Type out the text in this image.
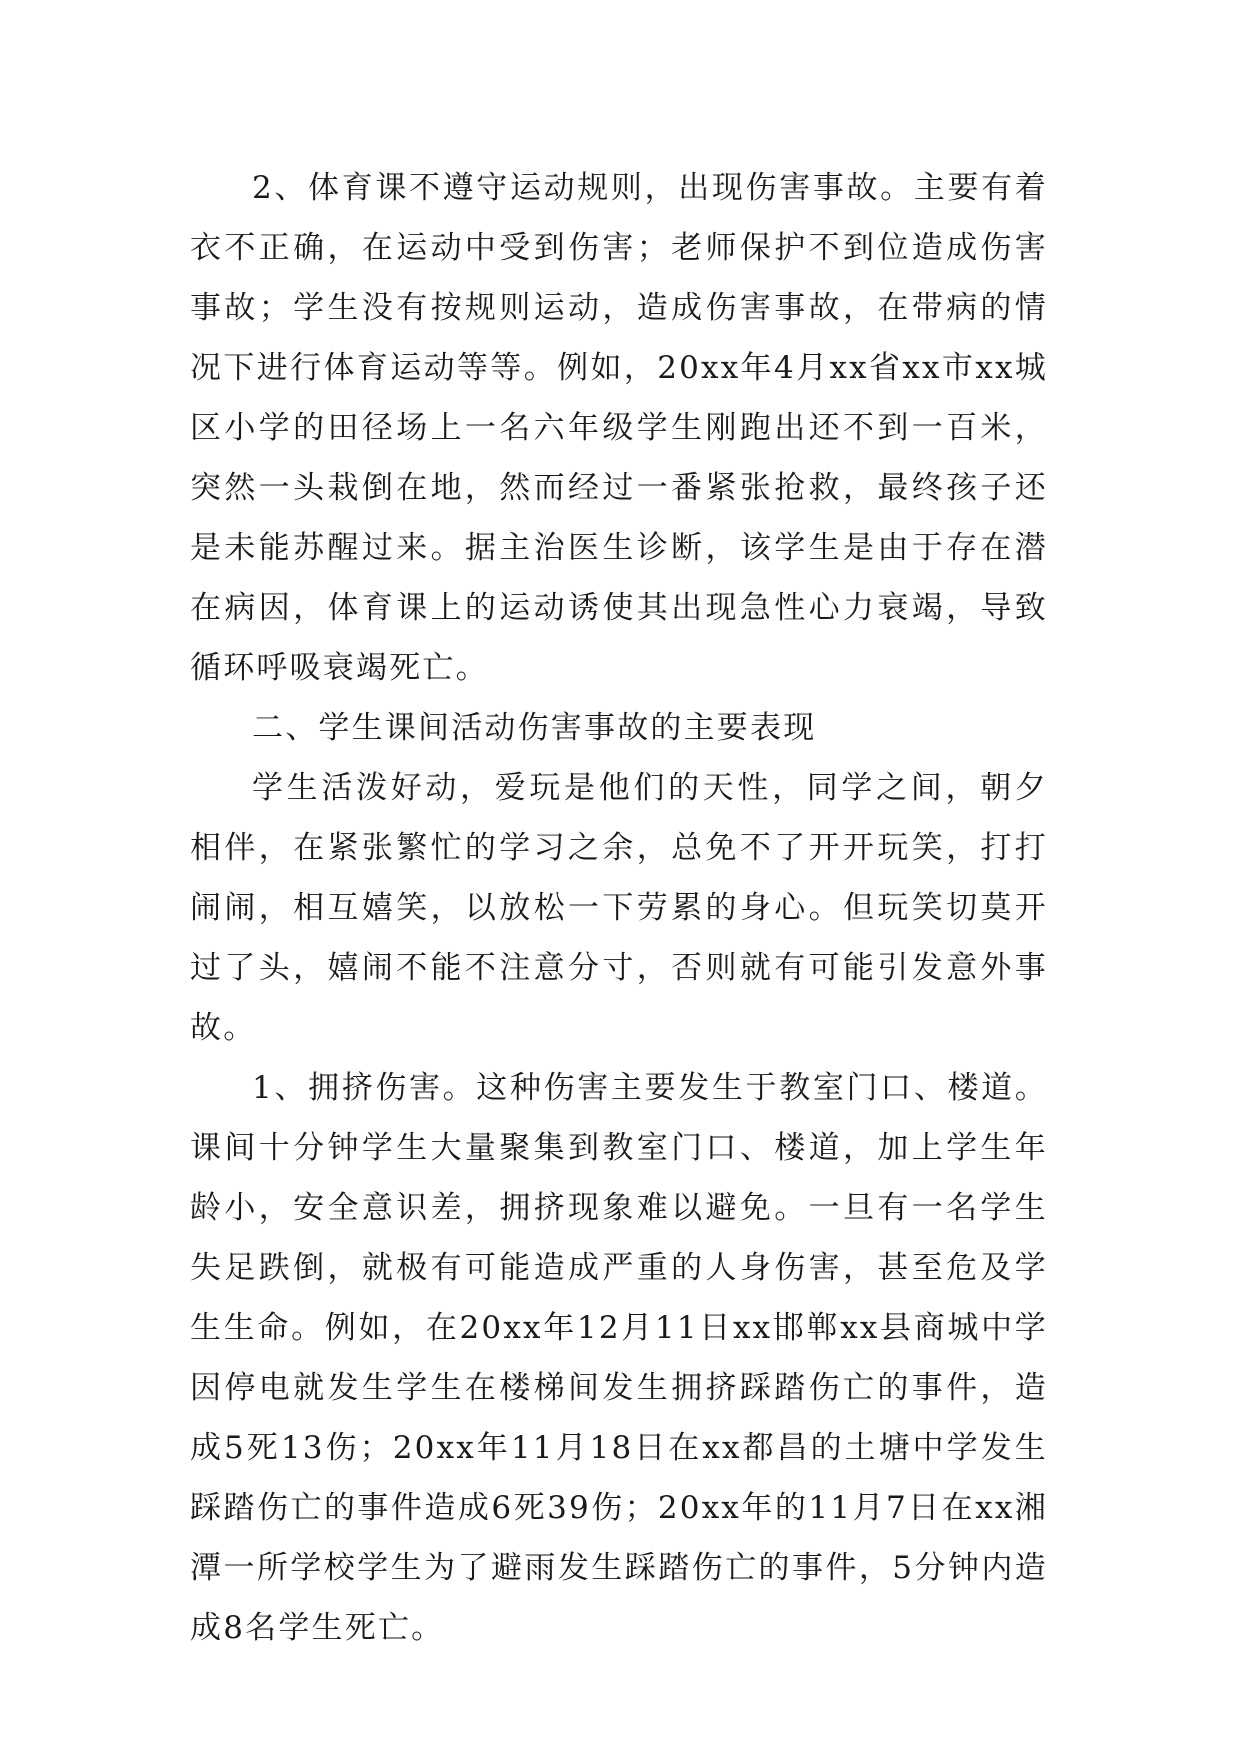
2、体育课不遵守运动规则，出现伤害事故。主要有着衣不正确，在运动中受到伤害；老师保护不到位造成伤害事故；学生没有按规则运动，造成伤害事故，在带病的情况下进行体育运动等等。例如，20xx年4月xx省xx市xx城区小学的田径场上一名六年级学生刚跑出还不到一百米，突然一头栽倒在地，然而经过一番紧张抢救，最终孩子还是未能苏醒过来。据主治医生诊断，该学生是由于存在潜在病因，体育课上的运动诱使其出现急性心力衰竭，导致循环呼吸衰竭死亡。

二、学生课间活动伤害事故的主要表现

学生活泼好动，爱玩是他们的天性，同学之间，朝夕相伴，在紧张繁忙的学习之余，总免不了开开玩笑，打打闹闹，相互嬉笑，以放松一下劳累的身心。但玩笑切莫开过了头，嬉闹不能不注意分寸，否则就有可能引发意外事故。

1、拥挤伤害。这种伤害主要发生于教室门口、楼道。课间十分钟学生大量聚集到教室门口、楼道，加上学生年龄小，安全意识差，拥挤现象难以避免。一旦有一名学生失足跌倒，就极有可能造成严重的人身伤害，甚至危及学生生命。例如，在20xx年12月11日xx邯郸xx县商城中学因停电就发生学生在楼梯间发生拥挤踩踏伤亡的事件，造成5死13伤；20xx年11月18日在xx都昌的土塘中学发生踩踏伤亡的事件造成6死39伤；20xx年的11月7日在xx湘潭一所学校学生为了避雨发生踩踏伤亡的事件，5分钟内造成8名学生死亡。
